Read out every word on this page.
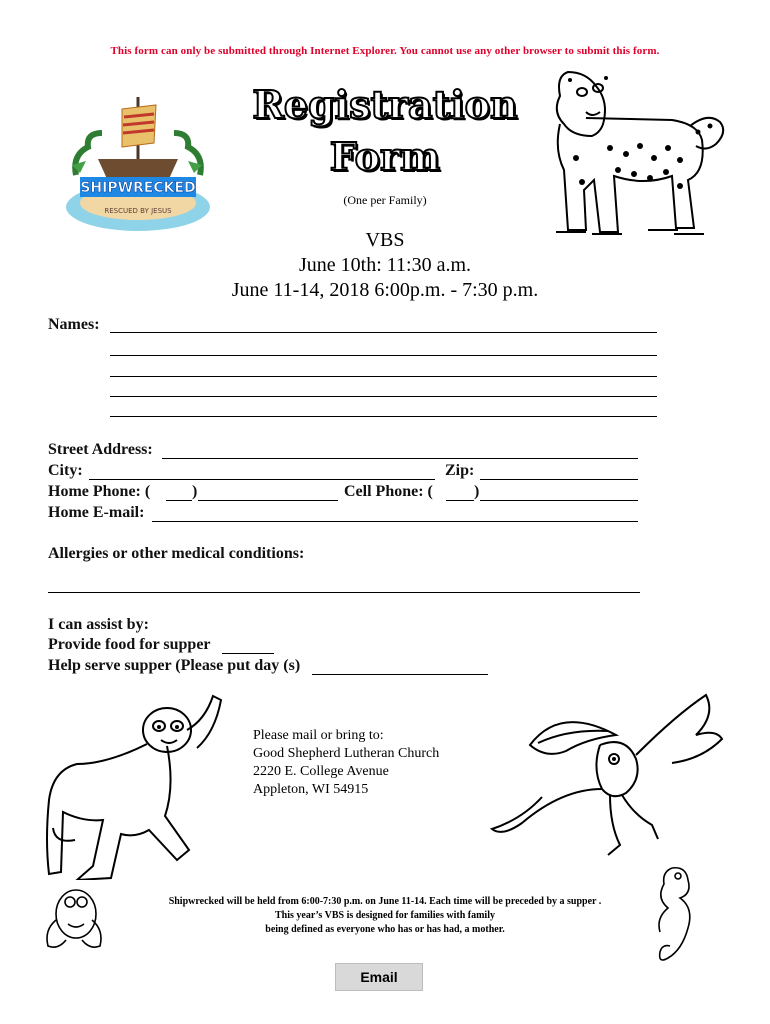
This form can only be submitted through Internet Explorer. You cannot use any other browser to submit this form.
SHIPWRECKED
RESCUED BY JESUS
Registration
Form
(One per Family)
VBS
June 10th: 11:30 a.m.
June 11-14, 2018 6:00p.m. - 7:30 p.m.
Names:
Street Address:
City:	Zip:
Home Phone: (	)	Cell Phone: (	)
Home E-mail:
Allergies or other medical conditions:
I can assist by:
Provide food for supper
Help serve supper (Please put day (s)
Please mail or bring to:
Good Shepherd Lutheran Church
2220 E. College Avenue
Appleton, WI 54915
Shipwrecked will be held from 6:00-7:30 p.m. on June 11-14. Each time will be preceded by a supper .
This year’s VBS is designed for families with family
being defined as everyone who has or has had, a mother.
Email
